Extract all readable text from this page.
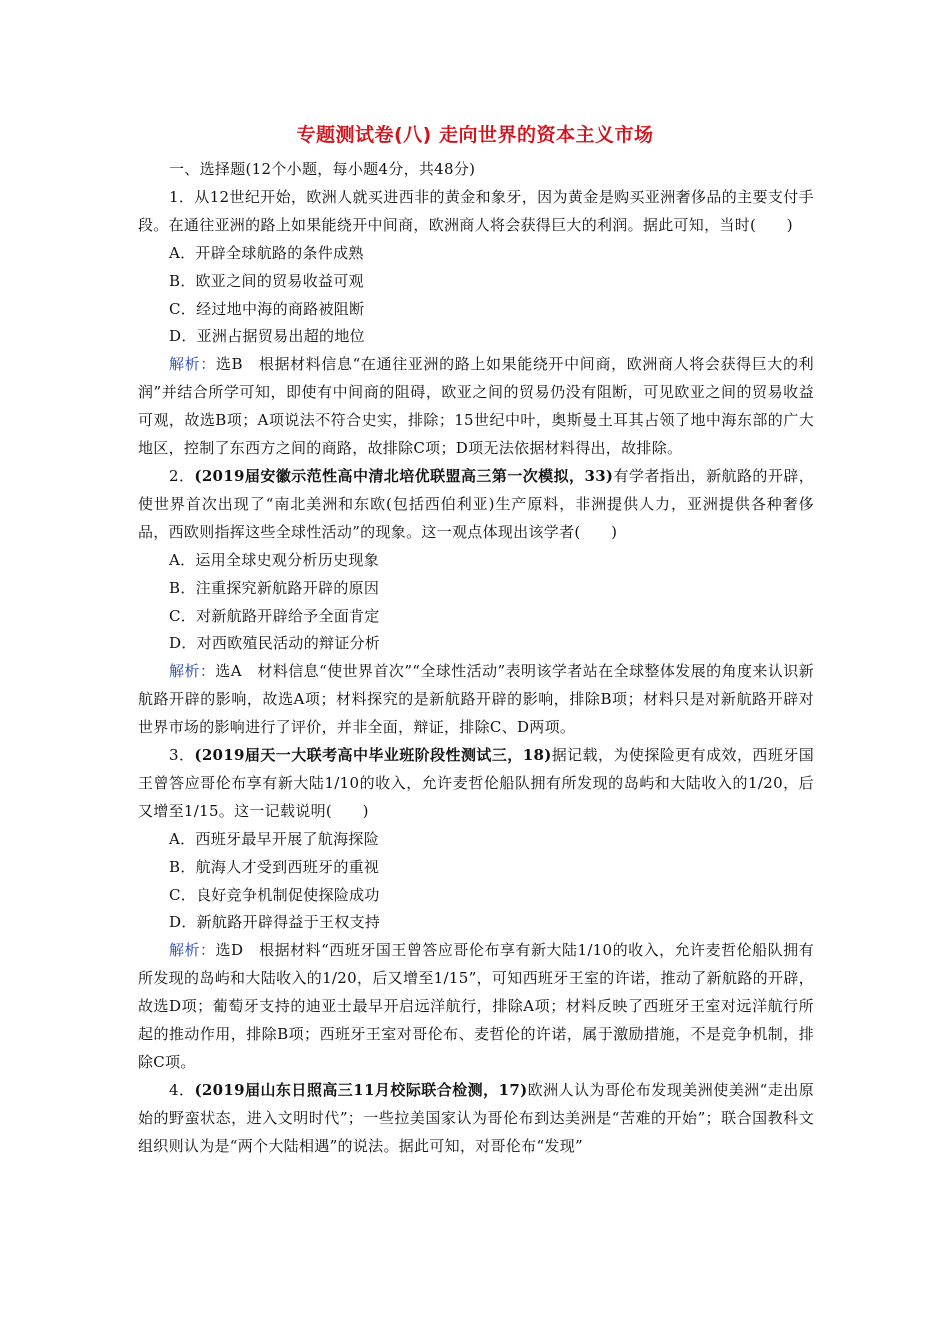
专题测试卷(八) 走向世界的资本主义市场

一、选择题(12个小题，每小题4分，共48分)

1．从12世纪开始，欧洲人就买进西非的黄金和象牙，因为黄金是购买亚洲奢侈品的主要支付手段。在通往亚洲的路上如果能绕开中间商，欧洲商人将会获得巨大的利润。据此可知，当时(　　)

A．开辟全球航路的条件成熟

B．欧亚之间的贸易收益可观

C．经过地中海的商路被阻断

D．亚洲占据贸易出超的地位

解析：选B　根据材料信息“在通往亚洲的路上如果能绕开中间商，欧洲商人将会获得巨大的利润”并结合所学可知，即使有中间商的阻碍，欧亚之间的贸易仍没有阻断，可见欧亚之间的贸易收益可观，故选B项；A项说法不符合史实，排除；15世纪中叶，奥斯曼土耳其占领了地中海东部的广大地区，控制了东西方之间的商路，故排除C项；D项无法依据材料得出，故排除。

2．(2019届安徽示范性高中清北培优联盟高三第一次模拟，33)有学者指出，新航路的开辟，使世界首次出现了“南北美洲和东欧(包括西伯利亚)生产原料，非洲提供人力，亚洲提供各种奢侈品，西欧则指挥这些全球性活动”的现象。这一观点体现出该学者(　　)

A．运用全球史观分析历史现象

B．注重探究新航路开辟的原因

C．对新航路开辟给予全面肯定

D．对西欧殖民活动的辩证分析

解析：选A　材料信息“使世界首次”“全球性活动”表明该学者站在全球整体发展的角度来认识新航路开辟的影响，故选A项；材料探究的是新航路开辟的影响，排除B项；材料只是对新航路开辟对世界市场的影响进行了评价，并非全面，辩证，排除C、D两项。

3．(2019届天一大联考高中毕业班阶段性测试三，18)据记载，为使探险更有成效，西班牙国王曾答应哥伦布享有新大陆1/10的收入，允许麦哲伦船队拥有所发现的岛屿和大陆收入的1/20，后又增至1/15。这一记载说明(　　)

A．西班牙最早开展了航海探险

B．航海人才受到西班牙的重视

C．良好竞争机制促使探险成功

D．新航路开辟得益于王权支持

解析：选D　根据材料“西班牙国王曾答应哥伦布享有新大陆1/10的收入，允许麦哲伦船队拥有所发现的岛屿和大陆收入的1/20，后又增至1/15”，可知西班牙王室的许诺，推动了新航路的开辟，故选D项；葡萄牙支持的迪亚士最早开启远洋航行，排除A项；材料反映了西班牙王室对远洋航行所起的推动作用，排除B项；西班牙王室对哥伦布、麦哲伦的许诺，属于激励措施，不是竞争机制，排除C项。

4．(2019届山东日照高三11月校际联合检测，17)欧洲人认为哥伦布发现美洲使美洲“走出原始的野蛮状态，进入文明时代”；一些拉美国家认为哥伦布到达美洲是“苦难的开始”；联合国教科文组织则认为是“两个大陆相遇”的说法。据此可知，对哥伦布“发现”
